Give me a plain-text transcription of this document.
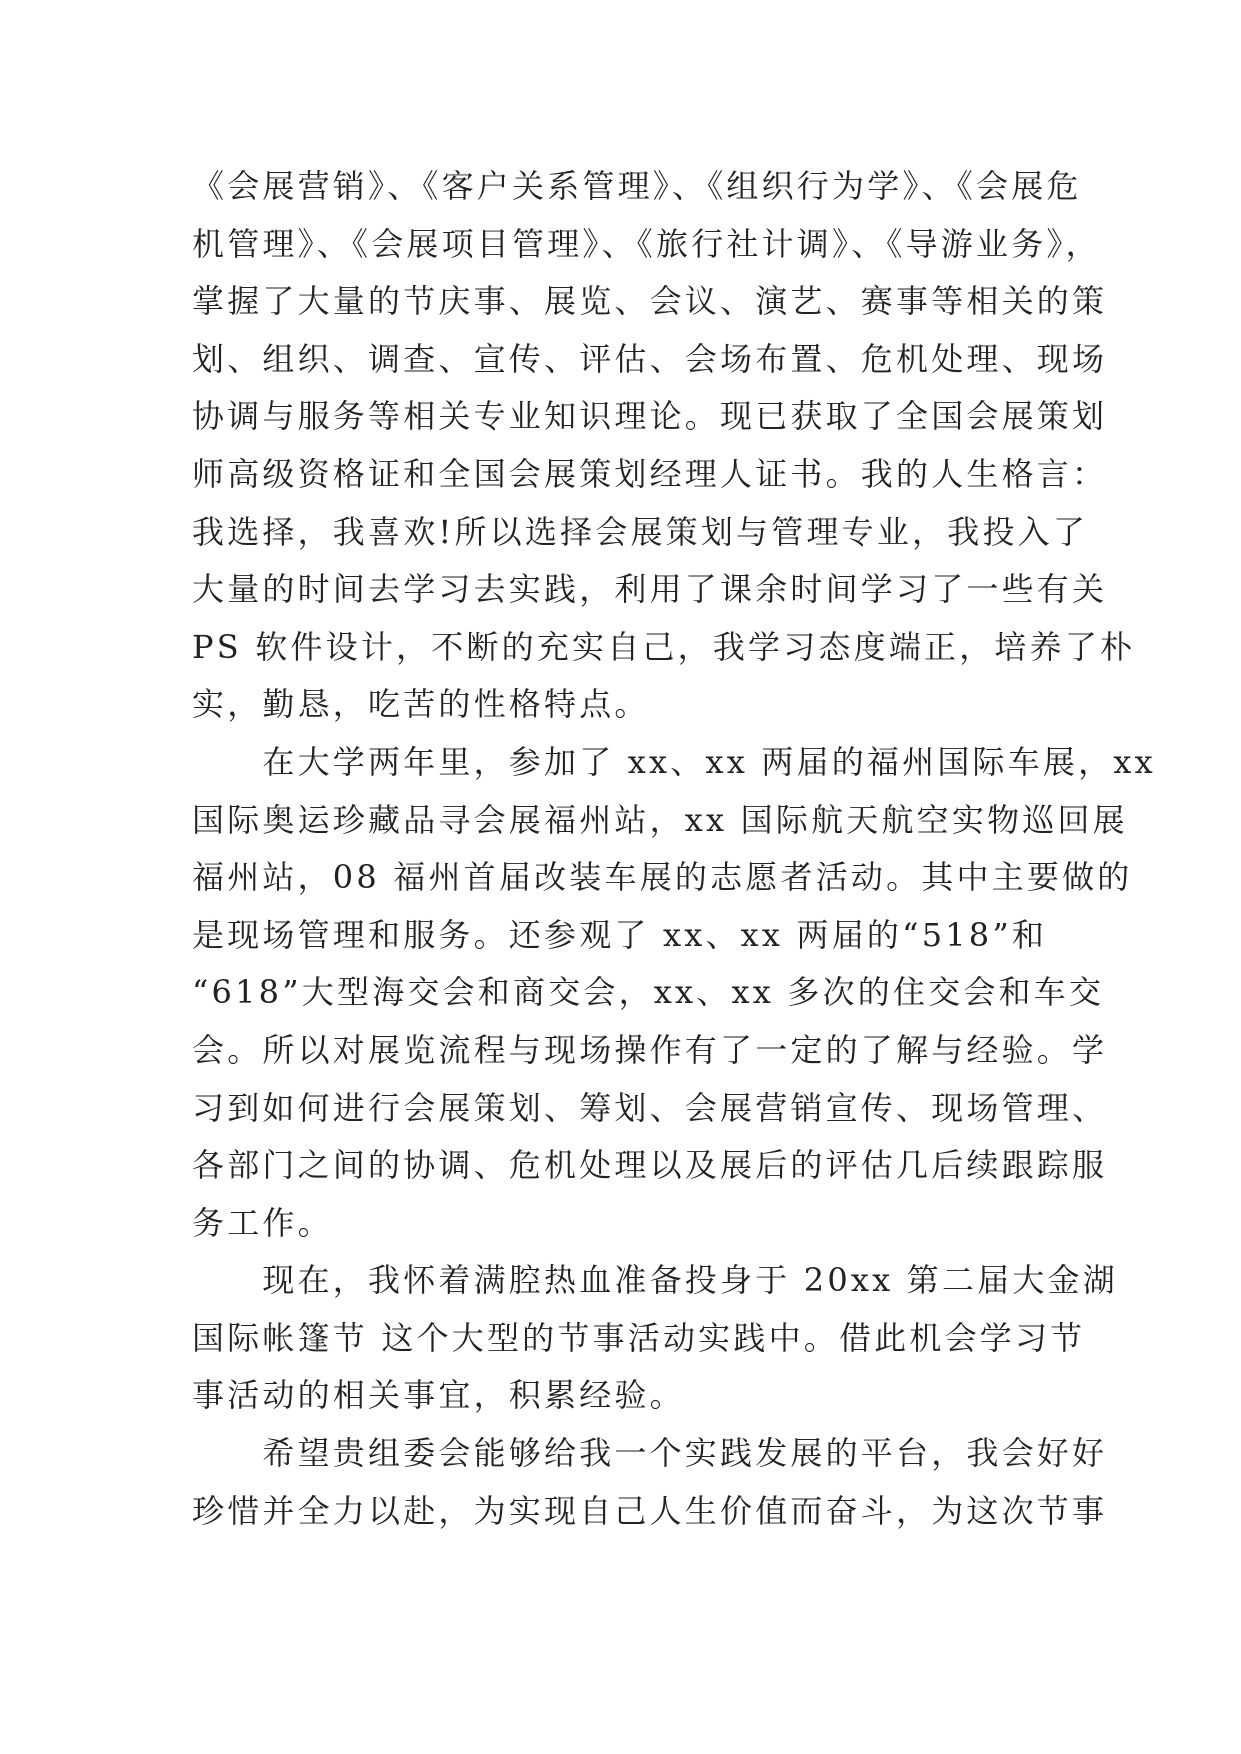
《会展营销》、《客户关系管理》、《组织行为学》、《会展危
机管理》、《会展项目管理》、《旅行社计调》、《导游业务》，
掌握了大量的节庆事、展览、会议、演艺、赛事等相关的策
划、组织、调查、宣传、评估、会场布置、危机处理、现场
协调与服务等相关专业知识理论。现已获取了全国会展策划
师高级资格证和全国会展策划经理人证书。我的人生格言：
我选择，我喜欢!所以选择会展策划与管理专业，我投入了
大量的时间去学习去实践，利用了课余时间学习了一些有关
PS 软件设计，不断的充实自己，我学习态度端正，培养了朴
实，勤恳，吃苦的性格特点。
　　在大学两年里，参加了 xx、xx 两届的福州国际车展，xx
国际奥运珍藏品寻会展福州站，xx 国际航天航空实物巡回展
福州站，08 福州首届改装车展的志愿者活动。其中主要做的
是现场管理和服务。还参观了 xx、xx 两届的“518”和
“618”大型海交会和商交会，xx、xx 多次的住交会和车交
会。所以对展览流程与现场操作有了一定的了解与经验。学
习到如何进行会展策划、筹划、会展营销宣传、现场管理、
各部门之间的协调、危机处理以及展后的评估几后续跟踪服
务工作。
　　现在，我怀着满腔热血准备投身于 20xx 第二届大金湖
国际帐篷节 这个大型的节事活动实践中。借此机会学习节
事活动的相关事宜，积累经验。
　　希望贵组委会能够给我一个实践发展的平台，我会好好
珍惜并全力以赴，为实现自己人生价值而奋斗，为这次节事
